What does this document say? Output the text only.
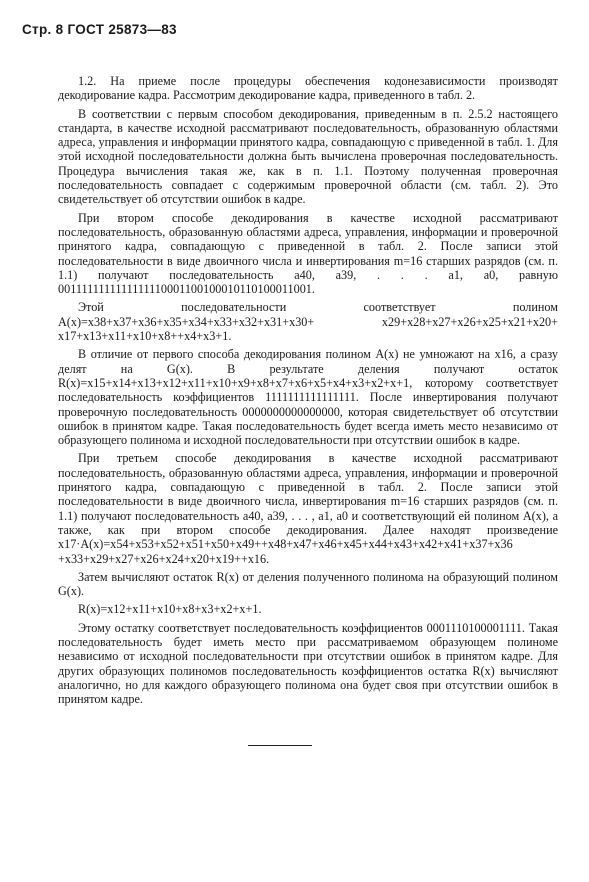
Стр. 8 ГОСТ 25873—83

1.2. На приеме после процедуры обеспечения кодонезависимости производят декодирование кадра. Рассмотрим декодирование кадра, приведенного в табл. 2.

В соответствии с первым способом декодирования, приведенным в п. 2.5.2 настоящего стандарта, в качестве исходной рассматривают последовательность, образованную областями адреса, управления и информации принятого кадра, совпадающую с приведенной в табл. 1. Для этой исходной последовательности должна быть вычислена проверочная последовательность. Процедура вычисления такая же, как в п. 1.1. Поэтому полученная проверочная последовательность совпадает с содержимым проверочной области (см. табл. 2). Это свидетельствует об отсутствии ошибок в кадре.

При втором способе декодирования в качестве исходной рассматривают последовательность, образованную областями адреса, управления, информации и проверочной принятого кадра, совпадающую с приведенной в табл. 2. После записи этой последовательности в виде двоичного числа и инвертирования m=16 старших разрядов (см. п. 1.1) получают последовательность a40, a39, . . . a1, a0, равную 0011111111111111110001100100010110100011001.

Этой последовательности соответствует полином A(x)=x38+x37+x36+x35+x34+x33+x32+x31+x30+ x29+x28+x27+x26+x25+x21+x20+ x17+x13+x11+x10+x8++x4+x3+1.

В отличие от первого способа декодирования полином A(x) не умножают на x16, а сразу делят на G(x). В результате деления получают остаток R(x)=x15+x14+x13+x12+x11+x10+x9+x8+x7+x6+x5+x4+x3+x2+x+1, которому соответствует последовательность коэффициентов 1111111111111111. После инвертирования получают проверочную последовательность 0000000000000000, которая свидетельствует об отсутствии ошибок в принятом кадре. Такая последовательность будет всегда иметь место независимо от образующего полинома и исходной последовательности при отсутствии ошибок в кадре.

При третьем способе декодирования в качестве исходной рассматривают последовательность, образованную областями адреса, управления, информации и проверочной принятого кадра, совпадающую с приведенной в табл. 2. После записи этой последовательности в виде двоичного числа, инвертирования m=16 старших разрядов (см. п. 1.1) получают последовательность a40, a39, . . . , a1, a0 и соответствующий ей полином A(x), а также, как при втором способе декодирования. Далее находят произведение x17·A(x)=x54+x53+x52+x51+x50+x49++x48+x47+x46+x45+x44+x43+x42+x41+x37+x36 +x33+x29+x27+x26+x24+x20+x19++x16.

Затем вычисляют остаток R(x) от деления полученного полинома на образующий полином G(x).

R(x)=x12+x11+x10+x8+x3+x2+x+1.

Этому остатку соответствует последовательность коэффициентов 0001110100001111. Такая последовательность будет иметь место при рассматриваемом образующем полиноме независимо от исходной последовательности при отсутствии ошибок в принятом кадре. Для других образующих полиномов последовательность коэффициентов остатка R(x) вычисляют аналогично, но для каждого образующего полинома она будет своя при отсутствии ошибок в принятом кадре.
